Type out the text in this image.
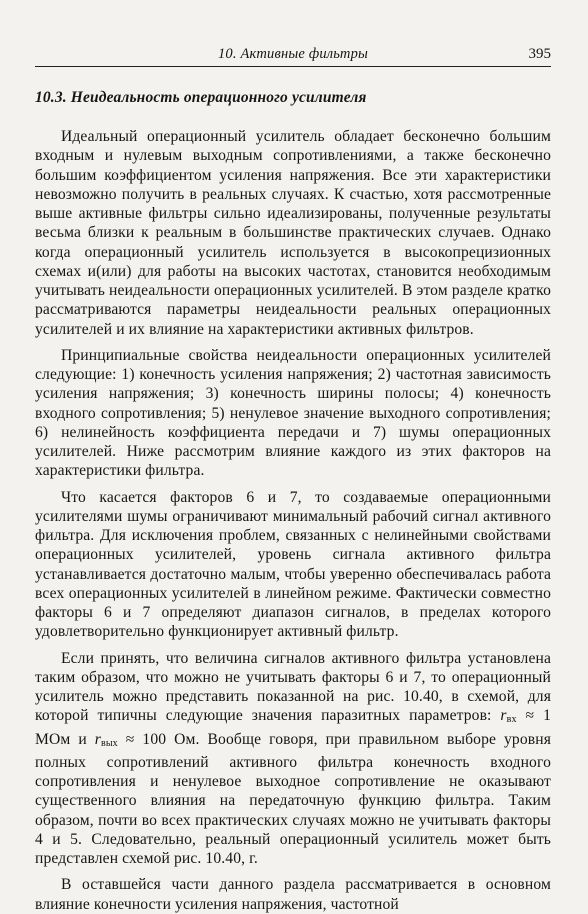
10. Активные фильтры	395
10.3. Неидеальность операционного усилителя

Идеальный операционный усилитель обладает бесконечно большим входным и нулевым выходным сопротивлениями, а также бесконечно большим коэффициентом усиления напряжения. Все эти характеристики невозможно получить в реальных случаях. К счастью, хотя рассмотренные выше активные фильтры сильно идеализированы, полученные результаты весьма близки к реальным в большинстве практических случаев. Однако когда операционный усилитель используется в высокопрецизионных схемах и(или) для работы на высоких частотах, становится необходимым учитывать неидеальности операционных усилителей. В этом разделе кратко рассматриваются параметры неидеальности реальных операционных усилителей и их влияние на характеристики активных фильтров.

Принципиальные свойства неидеальности операционных усилителей следующие: 1) конечность усиления напряжения; 2) частотная зависимость усиления напряжения; 3) конечность ширины полосы; 4) конечность входного сопротивления; 5) ненулевое значение выходного сопротивления; 6) нелинейность коэффициента передачи и 7) шумы операционных усилителей. Ниже рассмотрим влияние каждого из этих факторов на характеристики фильтра.

Что касается факторов 6 и 7, то создаваемые операционными усилителями шумы ограничивают минимальный рабочий сигнал активного фильтра. Для исключения проблем, связанных с нелинейными свойствами операционных усилителей, уровень сигнала активного фильтра устанавливается достаточно малым, чтобы уверенно обеспечивалась работа всех операционных усилителей в линейном режиме. Фактически совместно факторы 6 и 7 определяют диапазон сигналов, в пределах которого удовлетворительно функционирует активный фильтр.

Если принять, что величина сигналов активного фильтра установлена таким образом, что можно не учитывать факторы 6 и 7, то операционный усилитель можно представить показанной на рис. 10.40, в схемой, для которой типичны следующие значения паразитных параметров: $r_{вх} \approx 1$ МОм и $r_{вых} \approx 100$ Ом. Вообще говоря, при правильном выборе уровня полных сопротивлений активного фильтра конечность входного сопротивления и ненулевое выходное сопротивление не оказывают существенного влияния на передаточную функцию фильтра. Таким образом, почти во всех практических случаях можно не учитывать факторы 4 и 5. Следовательно, реальный операционный усилитель может быть представлен схемой рис. 10.40, г.

В оставшейся части данного раздела рассматривается в основном влияние конечности усиления напряжения, частотной
